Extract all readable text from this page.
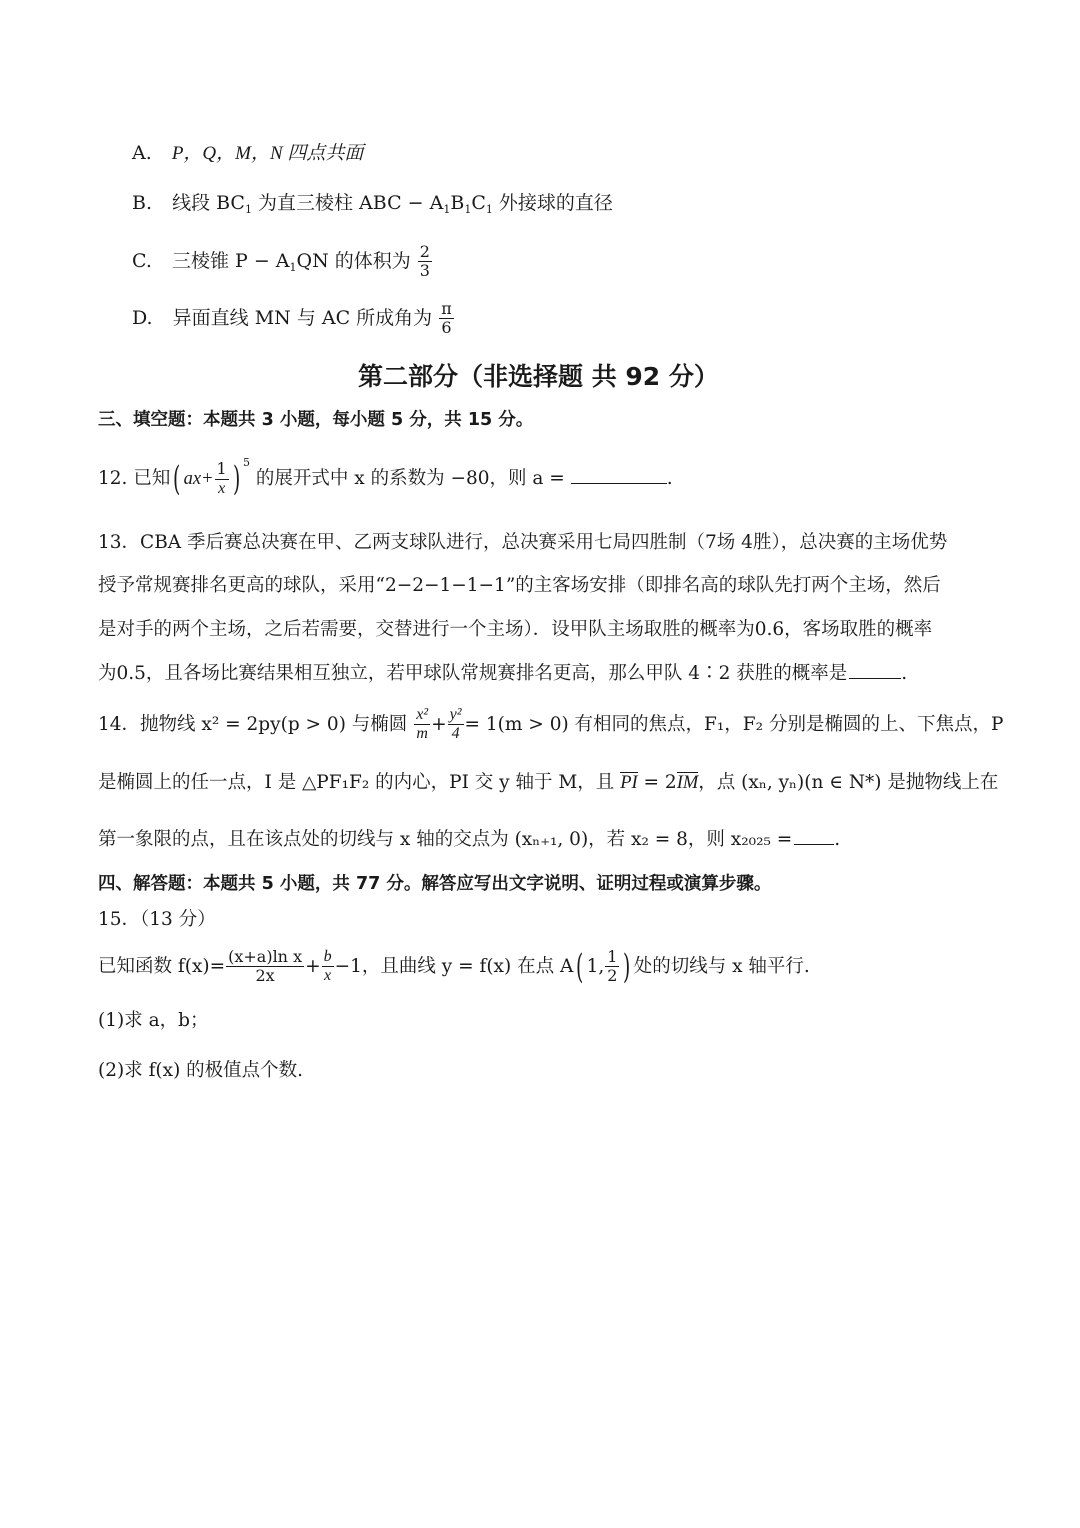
A. P，Q，M，N 四点共面
B. 线段 $BC_1$ 为直三棱柱 ABC − $A_1B_1C_1$ 外接球的直径
C. 三棱锥 $P - A_1QN$ 的体积为 $\frac{2}{3}$
D. 异面直线 MN 与 AC 所成角为 $\frac{\pi}{6}$
第二部分（非选择题 共 92 分）
三、填空题：本题共 3 小题，每小题 5 分，共 15 分。
12. 已知( $ax+ \frac{1}{x}$ ) $^5$ 的展开式中 x 的系数为 −80，则 a =	.
13．CBA 季后赛总决赛在甲、乙两支球队进行，总决赛采用七局四胜制（7场 4胜），总决赛的主场优势
授予常规赛排名更高的球队，采用“2−2−1−1−1”的主客场安排（即排名高的球队先打两个主场，然后
是对手的两个主场，之后若需要，交替进行一个主场）．设甲队主场取胜的概率为0.6，客场取胜的概率
为0.5，且各场比赛结果相互独立，若甲球队常规赛排名更高，那么甲队 4∶2 获胜的概率是	.
14．抛物线 x² = 2py(p > 0) 与椭圆 $\frac{\text{x²}}{m} + \frac{\text{y²}}{4} = 1(m > 0)$ 有相同的焦点，F₁，F₂ 分别是椭圆的上、下焦点，P
是椭圆上的任一点，I 是 △PF₁F₂ 的内心，PI 交 y 轴于 M，且 PI = 2IM，点 (xₙ, yₙ)(n ∈ N*) 是抛物线上在
第一象限的点，且在该点处的切线与 x 轴的交点为 (xₙ₊₁, 0)，若 x₂ = 8，则 x₂₀₂₅ = .
四、解答题：本题共 5 小题，共 77 分。解答应写出文字说明、证明过程或演算步骤。
15．（13 分）
已知函数 $f(x)= \frac{\text{(x+a)ln x}}{2x} + \frac{b}{x} -1$，且曲线 y = f(x) 在点 A( 1, $\frac{1}{2}$ ) 处的切线与 x 轴平行.
(1)求 a，b；
(2)求 f(x) 的极值点个数.
